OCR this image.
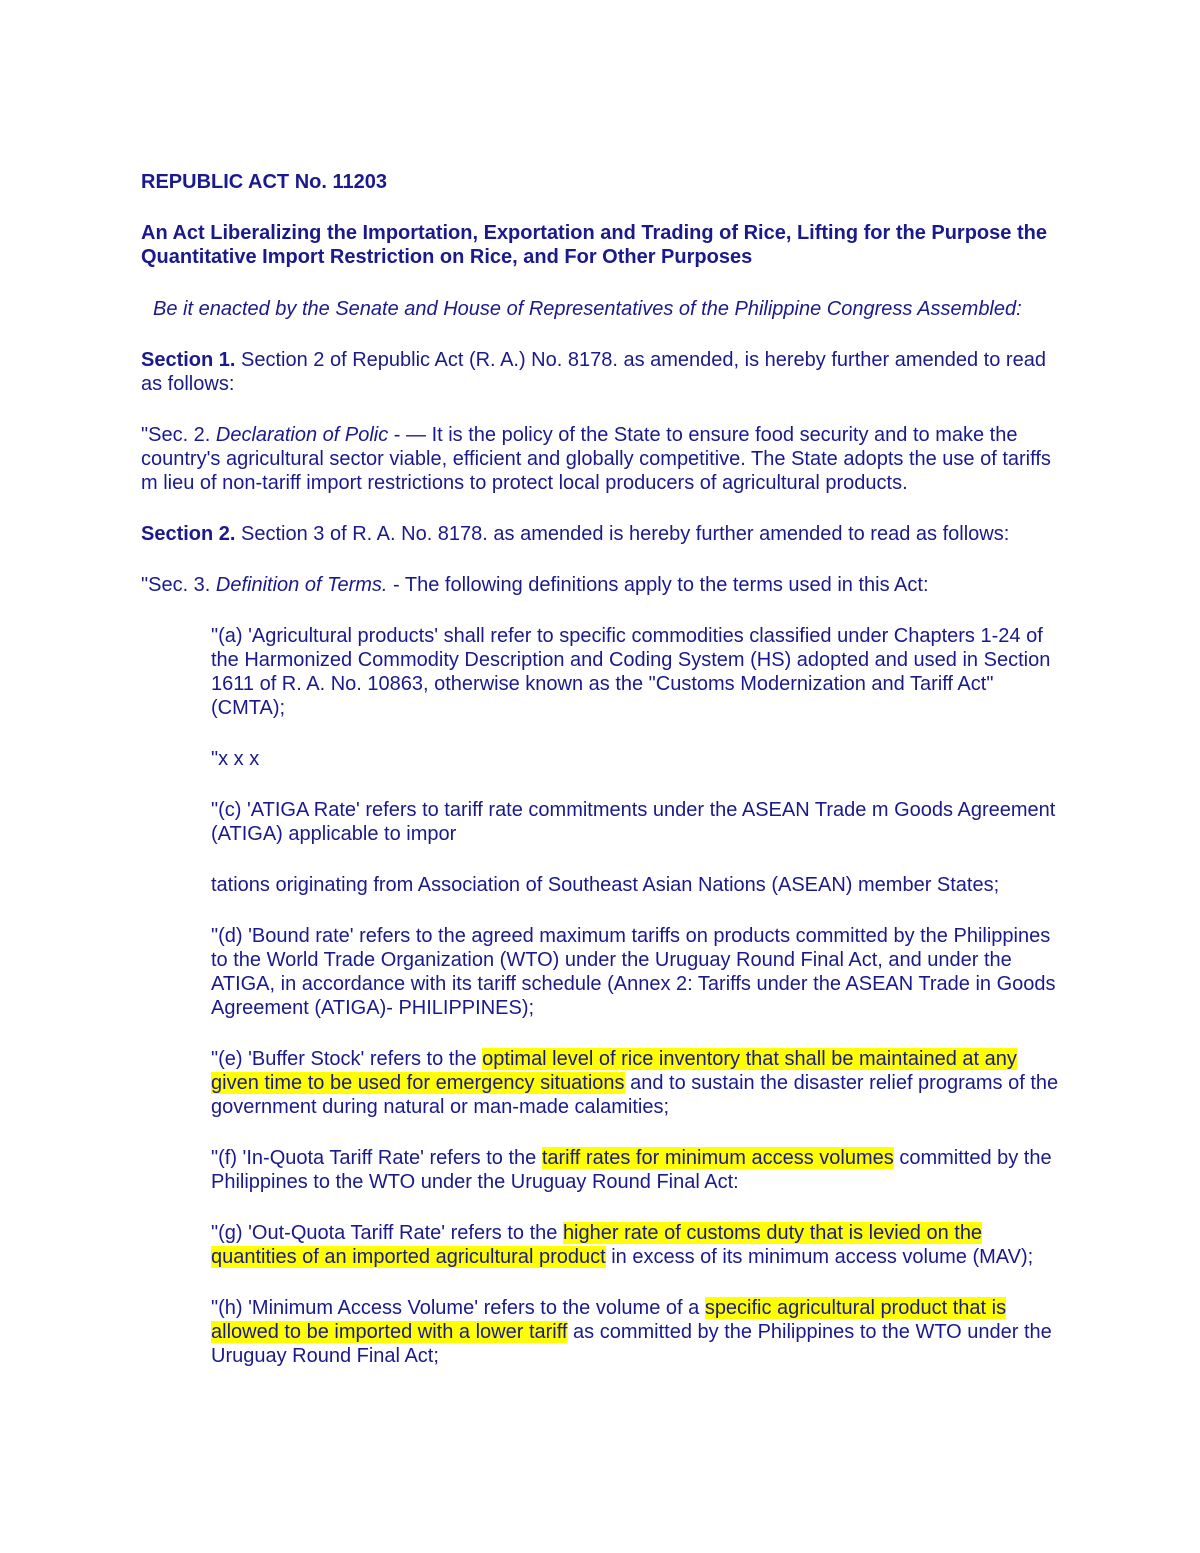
REPUBLIC ACT No. 11203

An Act Liberalizing the Importation, Exportation and Trading of Rice, Lifting for the Purpose the Quantitative Import Restriction on Rice, and For Other Purposes

Be it enacted by the Senate and House of Representatives of the Philippine Congress Assembled:

Section 1. Section 2 of Republic Act (R. A.) No. 8178. as amended, is hereby further amended to read as follows:

"Sec. 2. Declaration of Polic - — It is the policy of the State to ensure food security and to make the country's agricultural sector viable, efficient and globally competitive. The State adopts the use of tariffs m lieu of non-tariff import restrictions to protect local producers of agricultural products.

Section 2. Section 3 of R. A. No. 8178. as amended is hereby further amended to read as follows:

"Sec. 3. Definition of Terms. - The following definitions apply to the terms used in this Act:

"(a) 'Agricultural products' shall refer to specific commodities classified under Chapters 1-24 of the Harmonized Commodity Description and Coding System (HS) adopted and used in Section 1611 of R. A. No. 10863, otherwise known as the "Customs Modernization and Tariff Act" (CMTA);

"x x x

"(c) 'ATIGA Rate' refers to tariff rate commitments under the ASEAN Trade m Goods Agreement (ATIGA) applicable to impor

tations originating from Association of Southeast Asian Nations (ASEAN) member States;

"(d) 'Bound rate' refers to the agreed maximum tariffs on products committed by the Philippines to the World Trade Organization (WTO) under the Uruguay Round Final Act, and under the ATIGA, in accordance with its tariff schedule (Annex 2: Tariffs under the ASEAN Trade in Goods Agreement (ATIGA)- PHILIPPINES);

"(e) 'Buffer Stock' refers to the optimal level of rice inventory that shall be maintained at any given time to be used for emergency situations and to sustain the disaster relief programs of the government during natural or man-made calamities;

"(f) 'In-Quota Tariff Rate' refers to the tariff rates for minimum access volumes committed by the Philippines to the WTO under the Uruguay Round Final Act:

"(g) 'Out-Quota Tariff Rate' refers to the higher rate of customs duty that is levied on the quantities of an imported agricultural product in excess of its minimum access volume (MAV);

"(h) 'Minimum Access Volume' refers to the volume of a specific agricultural product that is allowed to be imported with a lower tariff as committed by the Philippines to the WTO under the Uruguay Round Final Act;
